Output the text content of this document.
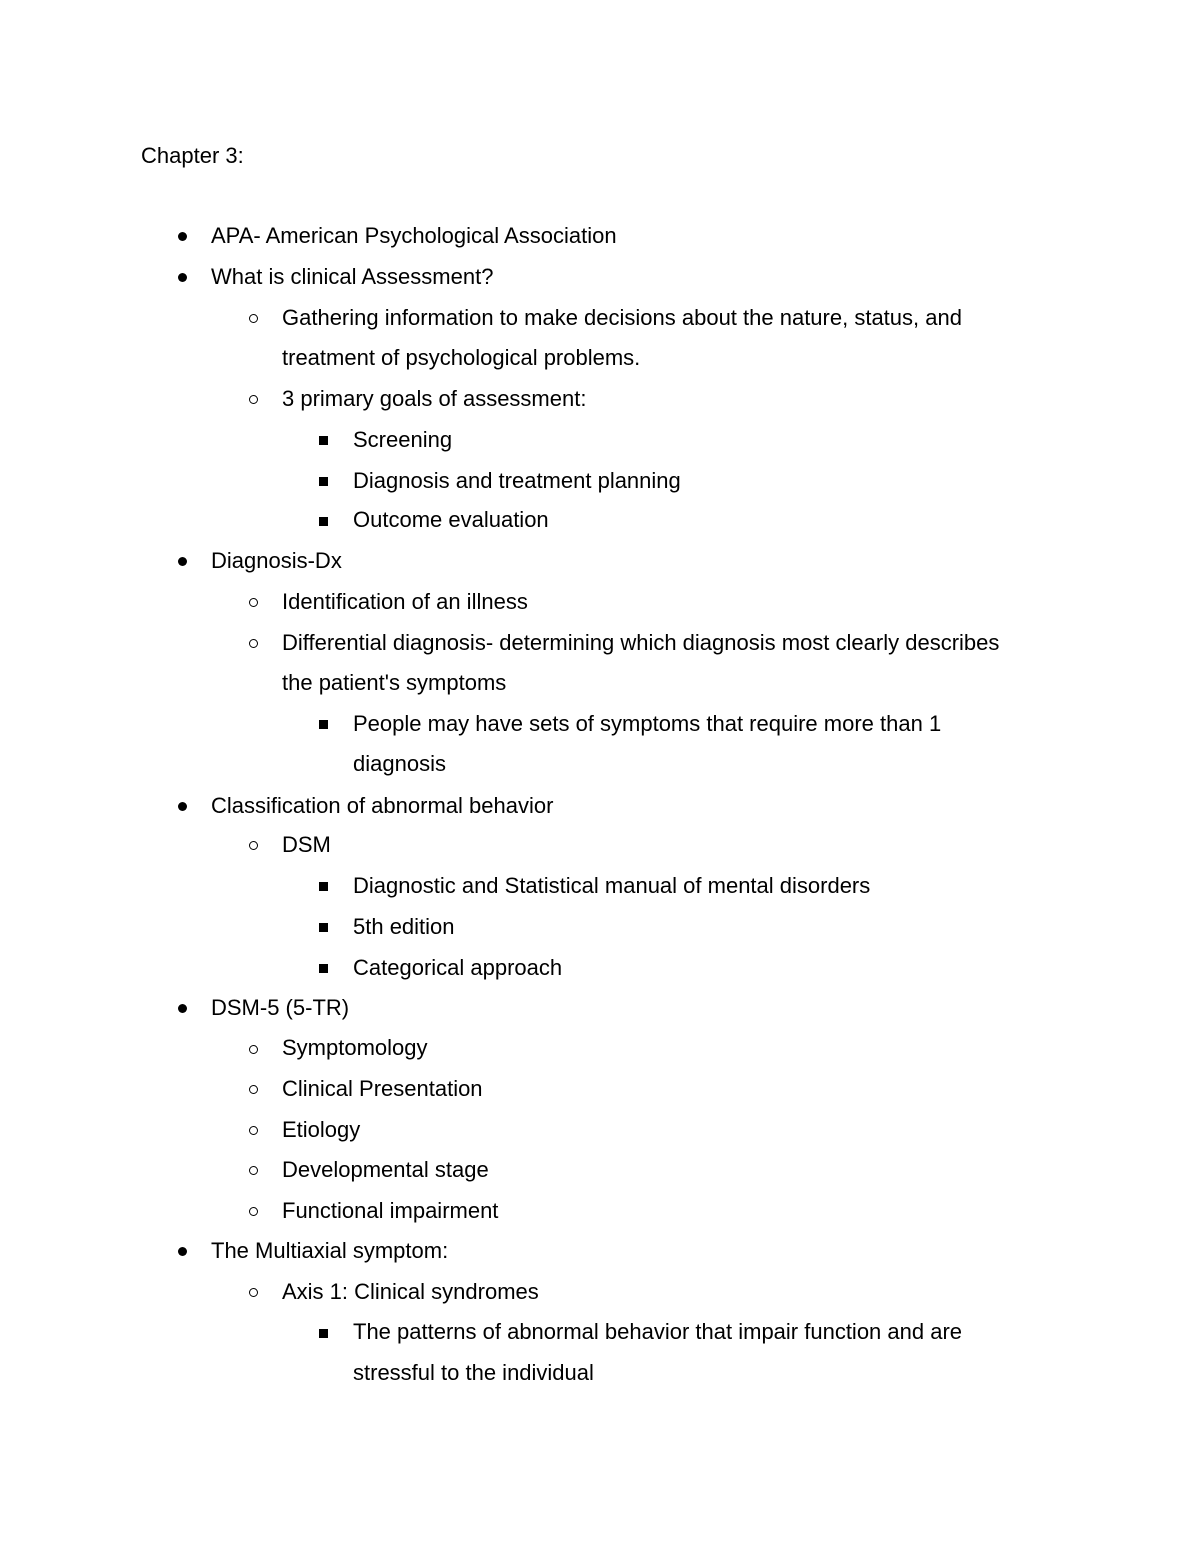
Chapter 3:
APA- American Psychological Association
What is clinical Assessment?
Gathering information to make decisions about the nature, status, and
treatment of psychological problems.
3 primary goals of assessment:
Screening
Diagnosis and treatment planning
Outcome evaluation
Diagnosis-Dx
Identification of an illness
Differential diagnosis- determining which diagnosis most clearly describes
the patient's symptoms
People may have sets of symptoms that require more than 1
diagnosis
Classification of abnormal behavior
DSM
Diagnostic and Statistical manual of mental disorders
5th edition
Categorical approach
DSM-5 (5-TR)
Symptomology
Clinical Presentation
Etiology
Developmental stage
Functional impairment
The Multiaxial symptom:
Axis 1: Clinical syndromes
The patterns of abnormal behavior that impair function and are
stressful to the individual
